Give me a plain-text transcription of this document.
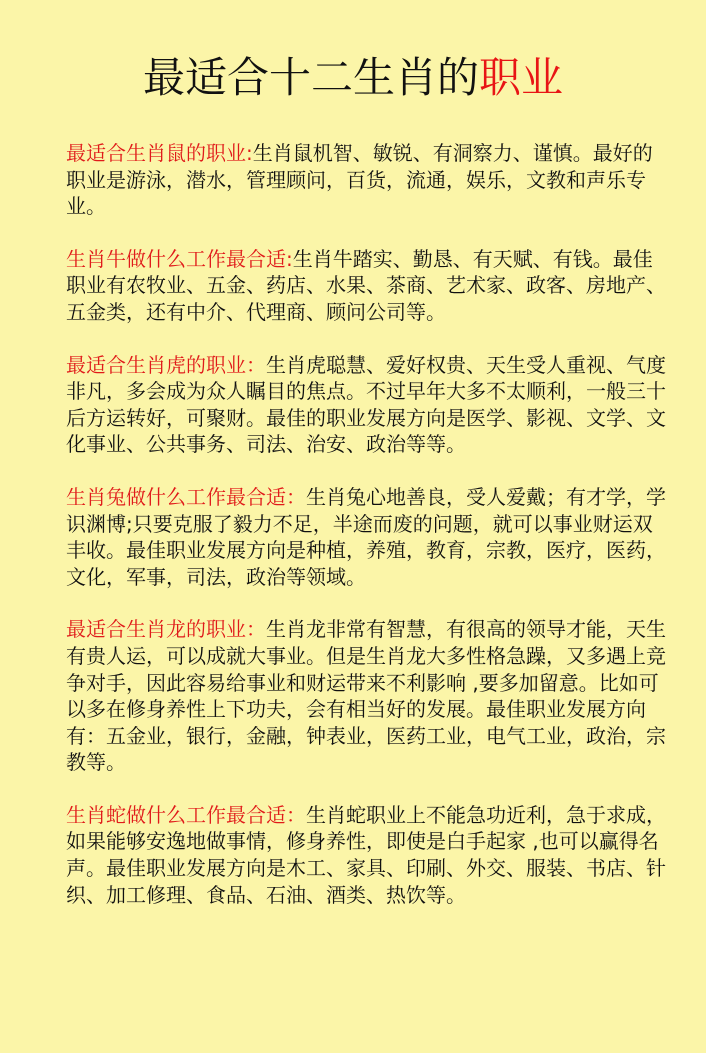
最适合十二生肖的职业

最适合生肖鼠的职业:生肖鼠机智、敏锐、有洞察力、谨慎。最好的职业是游泳，潜水，管理顾问，百货，流通，娱乐，文教和声乐专业。

生肖牛做什么工作最合适:生肖牛踏实、勤恳、有天赋、有钱。最佳职业有农牧业、五金、药店、水果、茶商、艺术家、政客、房地产、五金类，还有中介、代理商、顾问公司等。

最适合生肖虎的职业：生肖虎聪慧、爱好权贵、天生受人重视、气度非凡，多会成为众人瞩目的焦点。不过早年大多不太顺利，一般三十后方运转好，可聚财。最佳的职业发展方向是医学、影视、文学、文化事业、公共事务、司法、治安、政治等等。

生肖兔做什么工作最合适：生肖兔心地善良，受人爱戴；有才学，学识渊博;只要克服了毅力不足，半途而废的问题，就可以事业财运双丰收。最佳职业发展方向是种植，养殖，教育，宗教，医疗，医药，文化，军事，司法，政治等领域。

最适合生肖龙的职业：生肖龙非常有智慧，有很高的领导才能，天生有贵人运，可以成就大事业。但是生肖龙大多性格急躁，又多遇上竞争对手，因此容易给事业和财运带来不利影响 ,要多加留意。比如可以多在修身养性上下功夫，会有相当好的发展。最佳职业发展方向有：五金业，银行，金融，钟表业，医药工业，电气工业，政治，宗教等。

生肖蛇做什么工作最合适：生肖蛇职业上不能急功近利，急于求成，如果能够安逸地做事情，修身养性，即使是白手起家 ,也可以赢得名声。最佳职业发展方向是木工、家具、印刷、外交、服装、书店、针织、加工修理、食品、石油、酒类、热饮等。
